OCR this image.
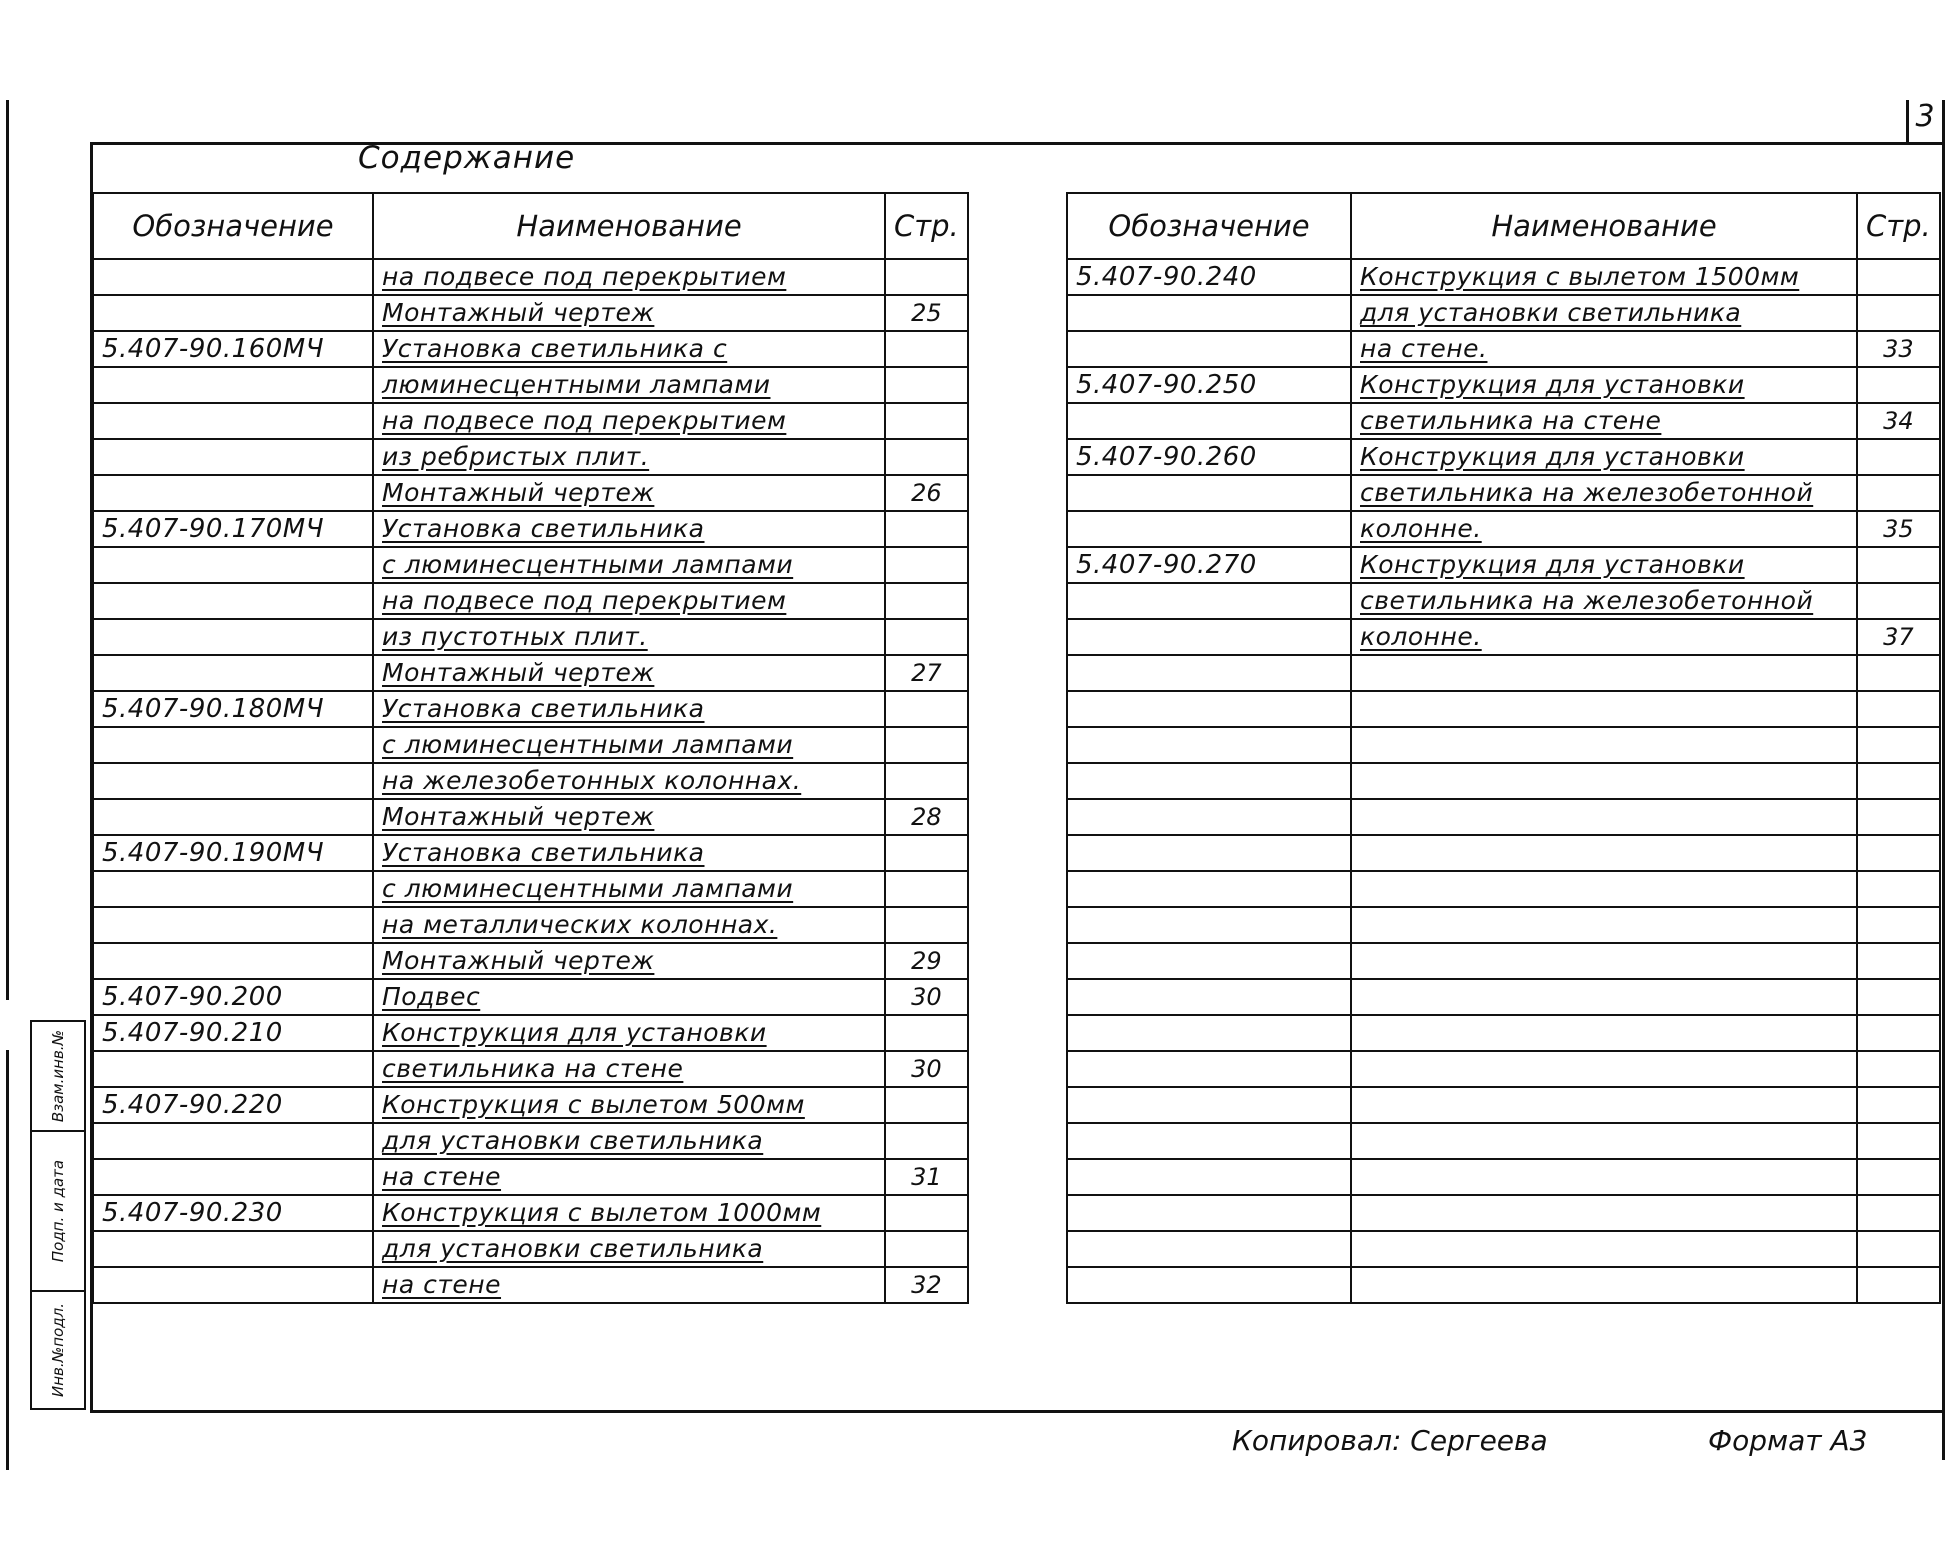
3
Содержание
Обозначение	Наименование	Стр.
	на подвесе под перекрытием	
	Монтажный чертеж	25
5.407-90.160МЧ	Установка светильника с	
	люминесцентными лампами	
	на подвесе под перекрытием	
	из ребристых плит.	
	Монтажный чертеж	26
5.407-90.170МЧ	Установка светильника	
	с люминесцентными лампами	
	на подвесе под перекрытием	
	из пустотных плит.	
	Монтажный чертеж	27
5.407-90.180МЧ	Установка светильника	
	с люминесцентными лампами	
	на железобетонных колоннах.	
	Монтажный чертеж	28
5.407-90.190МЧ	Установка светильника	
	с люминесцентными лампами	
	на металлических колоннах.	
	Монтажный чертеж	29
5.407-90.200	Подвес	30
5.407-90.210	Конструкция для установки	
	светильника на стене	30
5.407-90.220	Конструкция с вылетом 500мм	
	для установки светильника	
	на стене	31
5.407-90.230	Конструкция с вылетом 1000мм	
	для установки светильника	
	на стене	32
Обозначение	Наименование	Стр.
5.407-90.240	Конструкция с вылетом 1500мм	
	для установки светильника	
	на стене.	33
5.407-90.250	Конструкция для установки	
	светильника на стене	34
5.407-90.260	Конструкция для установки	
	светильника на железобетонной	
	колонне.	35
5.407-90.270	Конструкция для установки	
	светильника на железобетонной	
	колонне.	37

Взам.инв.№
Подп. и дата
Инв.№подл.
Копировал: Сергеева	Формат А3
